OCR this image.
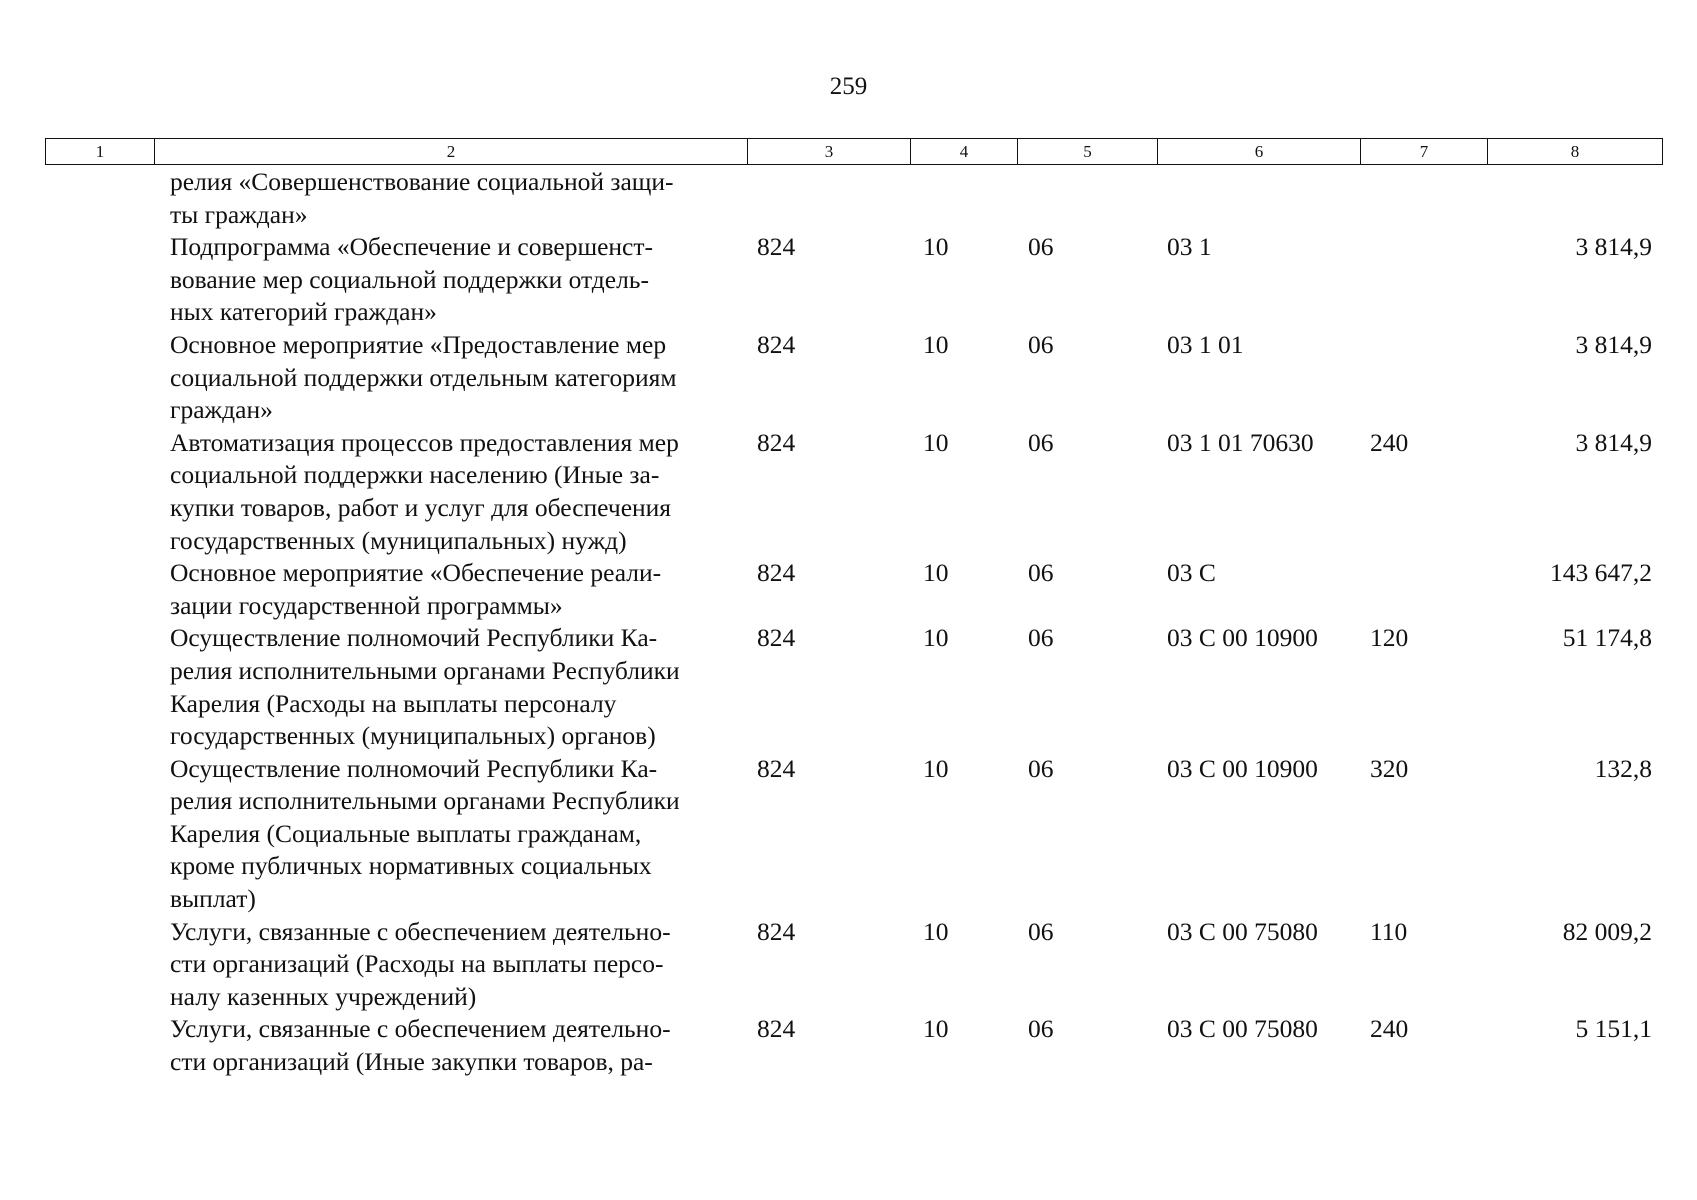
259
1	2	3	4	5	6	7	8
релия «Совершенствование социальной защи-
ты граждан»						

Подпрограмма «Обеспечение и совершенст-
вование мер социальной поддержки отдель-
ных категорий граждан»	824	10	06	03 1		3 814,9

Основное мероприятие «Предоставление мер
социальной поддержки отдельным категориям
граждан»	824	10	06	03 1 01		3 814,9

Автоматизация процессов предоставления мер
социальной поддержки населению (Иные за-
купки товаров, работ и услуг для обеспечения
государственных (муниципальных) нужд)	824	10	06	03 1 01 70630	240	3 814,9

Основное мероприятие «Обеспечение реали-
зации государственной программы»	824	10	06	03 С		143 647,2

Осуществление полномочий Республики Ка-
релия исполнительными органами Республики
Карелия (Расходы на выплаты персоналу
государственных (муниципальных) органов)	824	10	06	03 С 00 10900	120	51 174,8

Осуществление полномочий Республики Ка-
релия исполнительными органами Республики
Карелия (Социальные выплаты гражданам,
кроме публичных нормативных социальных
выплат)	824	10	06	03 С 00 10900	320	132,8

Услуги, связанные с обеспечением деятельно-
сти организаций (Расходы на выплаты персо-
налу казенных учреждений)	824	10	06	03 С 00 75080	110	82 009,2

Услуги, связанные с обеспечением деятельно-
сти организаций (Иные закупки товаров, ра-	824	10	06	03 С 00 75080	240	5 151,1
